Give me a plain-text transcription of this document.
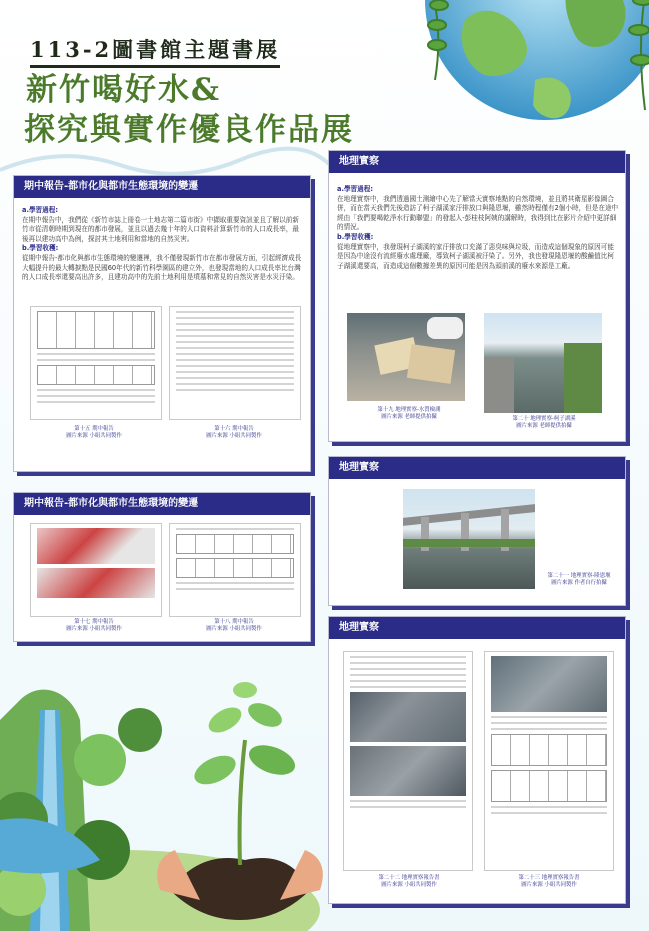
113-2圖書館主題書展
新竹喝好水&
探究與實作優良作品展
期中報告-都市化與都市生態環境的變遷
a.學習過程:
在期中報告中，我們從《新竹市誌上冊卷一土地志第二篇市街》中擷取重要資訊並且了解以前新竹市從清朝時期到現在的都市發展，並且以過去幾十年的人口資料計算新竹市的人口成長率，最後再以建功高中為例，探討其土地利用和當地的自然災害。
b.學習收穫:
從期中報告-都市化與都市生態環境的變遷裡，我不僅發現新竹市在都市發展方面，引起經濟成長大幅提升的最大轉捩點是民國60年代的新竹科學園區的建立外，也發現當地的人口成長率比台灣的人口成長率還要高出許多，且建功高中的先前土地利用是墳墓和常見的自然災害是水災汙染。
第十五 期中報告
圖片來源 小組共同製作
第十六 期中報告
圖片來源 小組共同製作
期中報告-都市化與都市生態環境的變遷
第十七 期中報告
圖片來源 小組共同製作
第十八 期中報告
圖片來源 小組共同製作
地理實察
a.學習過程:
在地理實察中，我們透過國土測繪中心先了解當天實察地點的自然環境，並且將其衛星影像圖合併，而在當天我們先後造訪了柯子湖溪家汙排放口與隆恩堰，雖然時程僅有2個小時，但是在途中經由「我們要喝乾淨水行動聯盟」的發起人-彭桂枝阿姨的講解時，我得到比在影片介紹中更詳細的情況。
b.學習收穫:
從地理實察中，我發現柯子湖溪的家汙排放口充滿了惡臭味與垃圾，而造成這個現象的原因可能是因為中途沒有流經廢水處理廠，導致柯子湖溪被汙染了。另外，我也發現隆恩堰的酸鹼值比柯子湖溪還要高，而造成這個數據差異的原因可能是因為頭前溪的廢水來源是工廠。
第十九 地理實察-水質檢測
圖片來源 老師提供拍攝	第二十 地理實察-柯子湖溪
圖片來源 老師提供拍攝
地理實察
第二十一 地理實察-隆恩堰
圖片來源 作者自行拍攝
地理實察
第二十二 地理實察報告書
圖片來源 小組共同製作
第二十三 地理實察報告書
圖片來源 小組共同製作
